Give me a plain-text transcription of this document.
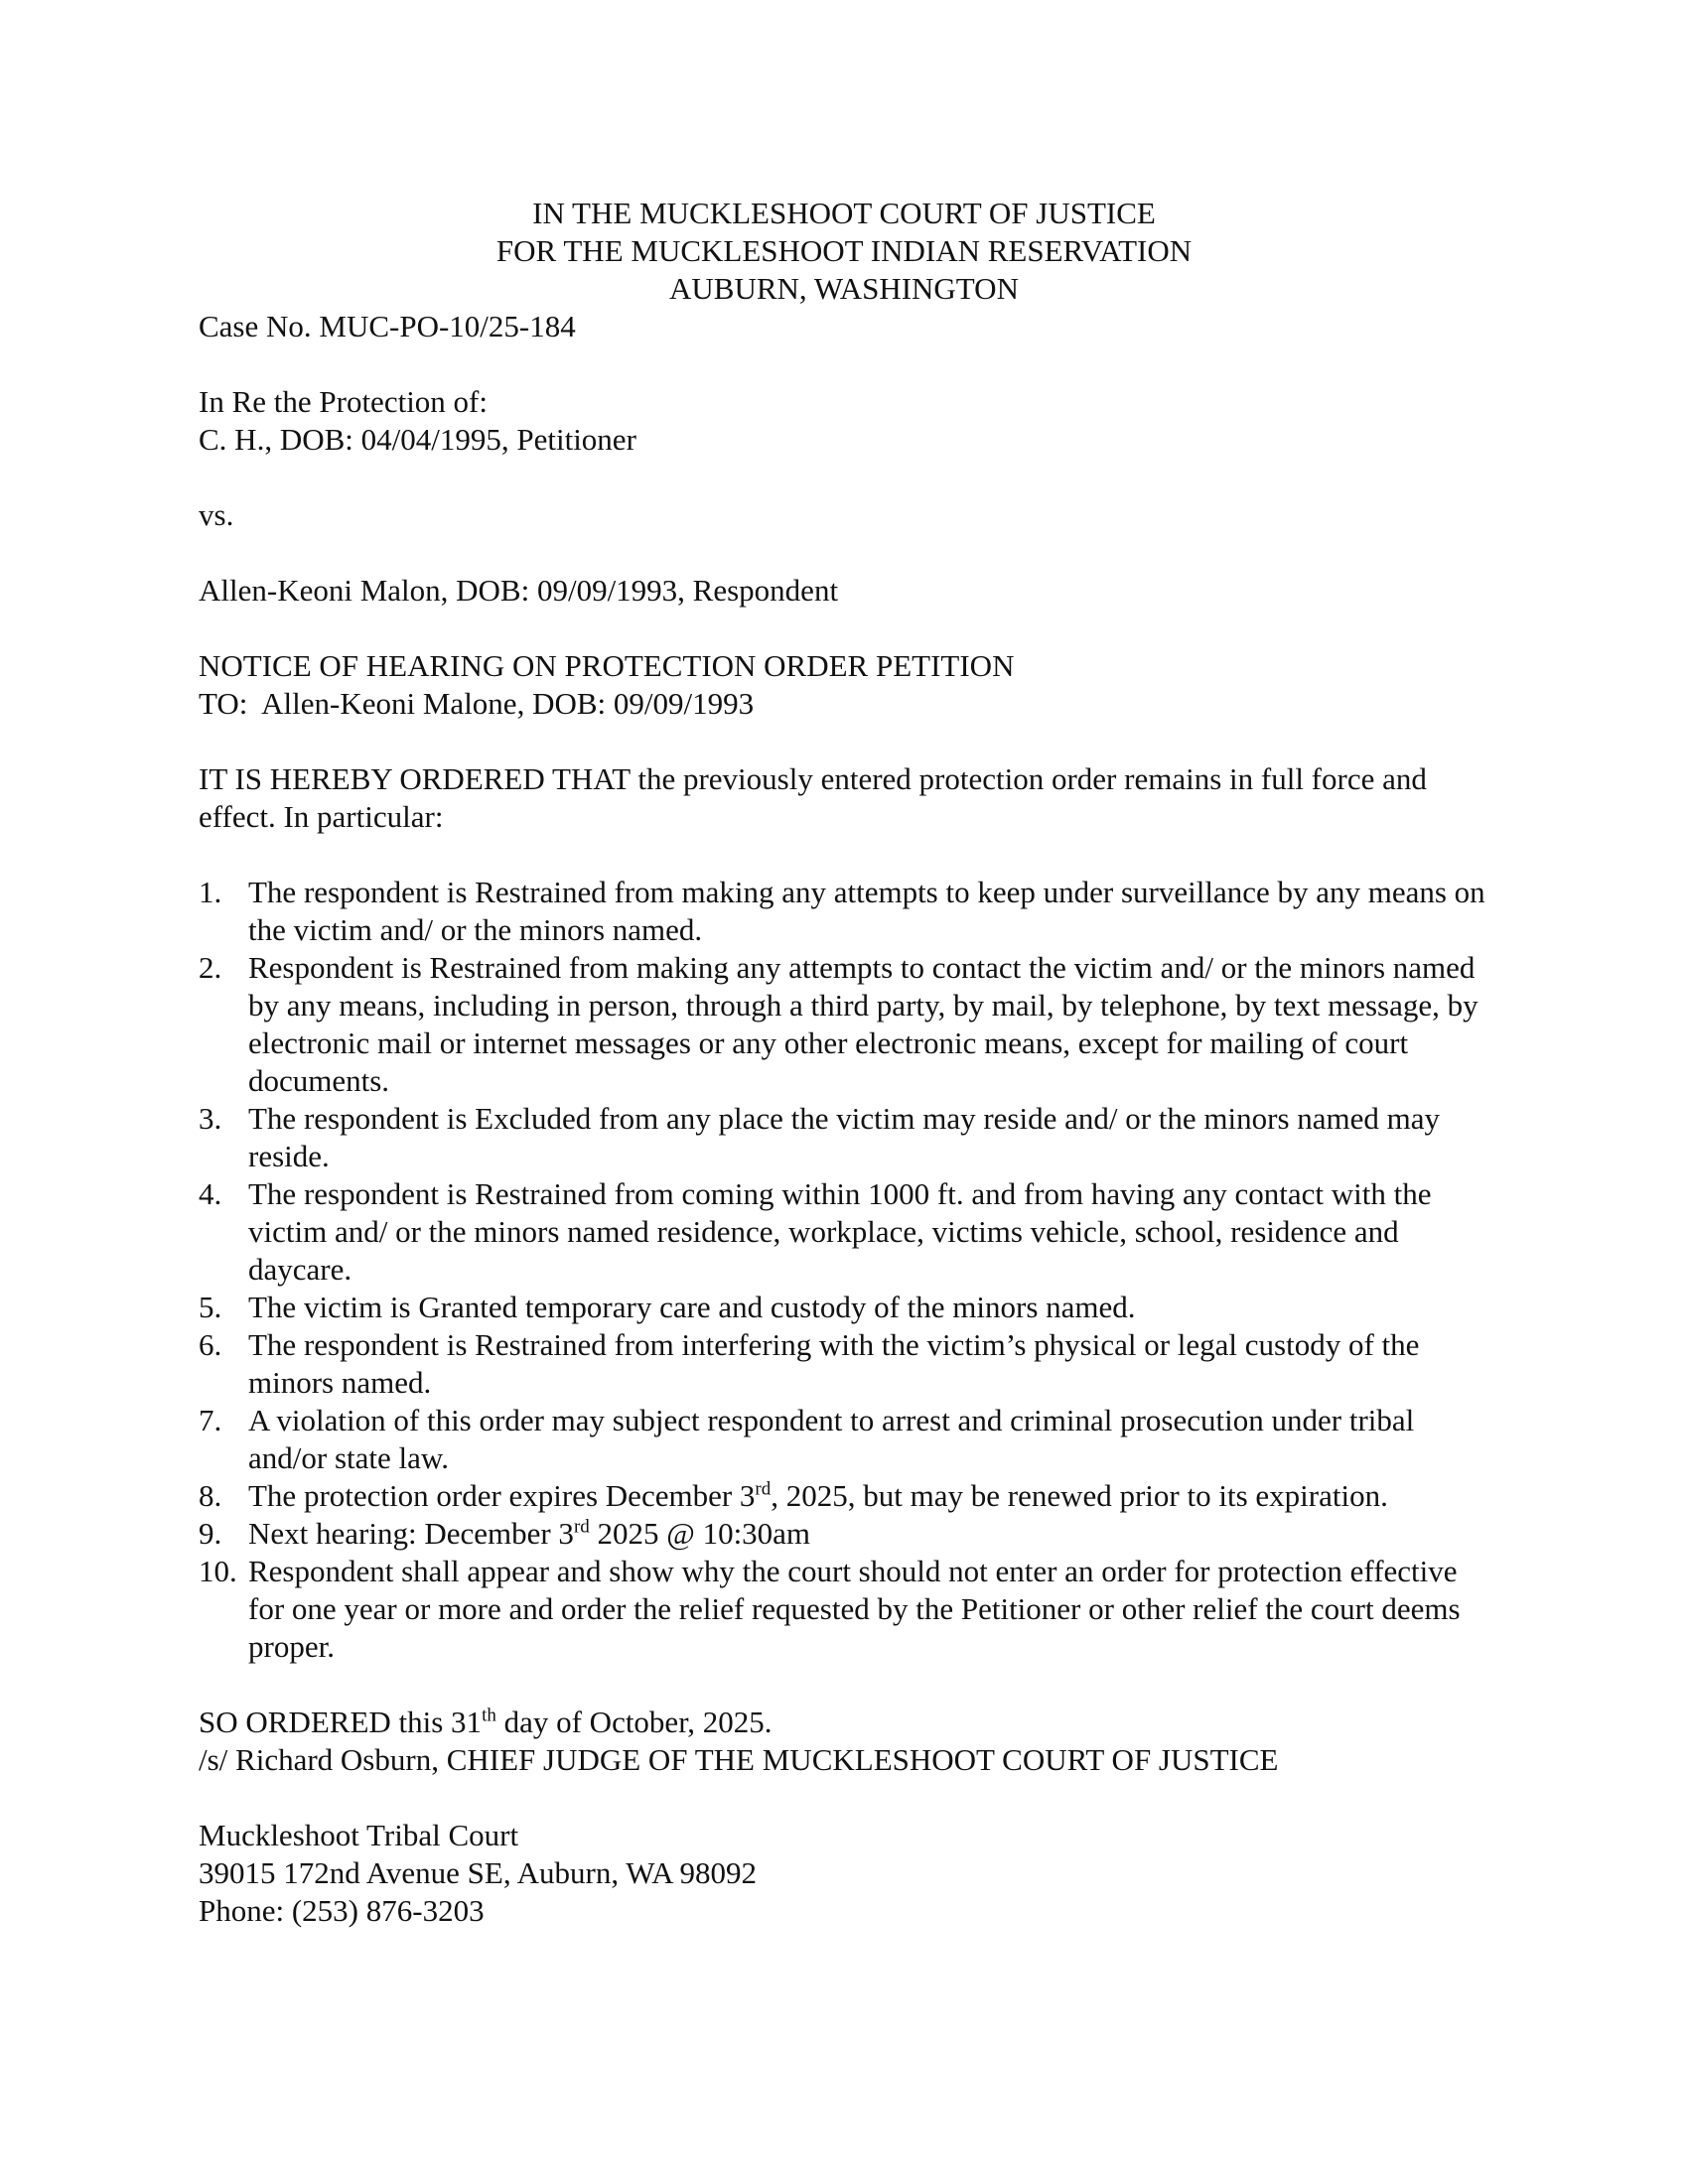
IN THE MUCKLESHOOT COURT OF JUSTICE
FOR THE MUCKLESHOOT INDIAN RESERVATION
AUBURN, WASHINGTON
Case No. MUC-PO-10/25-184
In Re the Protection of:
C. H., DOB: 04/04/1995, Petitioner
vs.
Allen-Keoni Malon, DOB: 09/09/1993, Respondent
NOTICE OF HEARING ON PROTECTION ORDER PETITION
TO:  Allen-Keoni Malone, DOB: 09/09/1993
IT IS HEREBY ORDERED THAT the previously entered protection order remains in full force and effect. In particular:
1. The respondent is Restrained from making any attempts to keep under surveillance by any means on the victim and/ or the minors named.
2. Respondent is Restrained from making any attempts to contact the victim and/ or the minors named by any means, including in person, through a third party, by mail, by telephone, by text message, by electronic mail or internet messages or any other electronic means, except for mailing of court documents.
3. The respondent is Excluded from any place the victim may reside and/ or the minors named may reside.
4. The respondent is Restrained from coming within 1000 ft. and from having any contact with the victim and/ or the minors named residence, workplace, victims vehicle, school, residence and daycare.
5. The victim is Granted temporary care and custody of the minors named.
6. The respondent is Restrained from interfering with the victim’s physical or legal custody of the minors named.
7. A violation of this order may subject respondent to arrest and criminal prosecution under tribal and/or state law.
8. The protection order expires December 3rd, 2025, but may be renewed prior to its expiration.
9. Next hearing: December 3rd 2025 @ 10:30am
10. Respondent shall appear and show why the court should not enter an order for protection effective for one year or more and order the relief requested by the Petitioner or other relief the court deems proper.
SO ORDERED this 31th day of October, 2025.
/s/ Richard Osburn, CHIEF JUDGE OF THE MUCKLESHOOT COURT OF JUSTICE
Muckleshoot Tribal Court
39015 172nd Avenue SE, Auburn, WA 98092
Phone: (253) 876-3203
